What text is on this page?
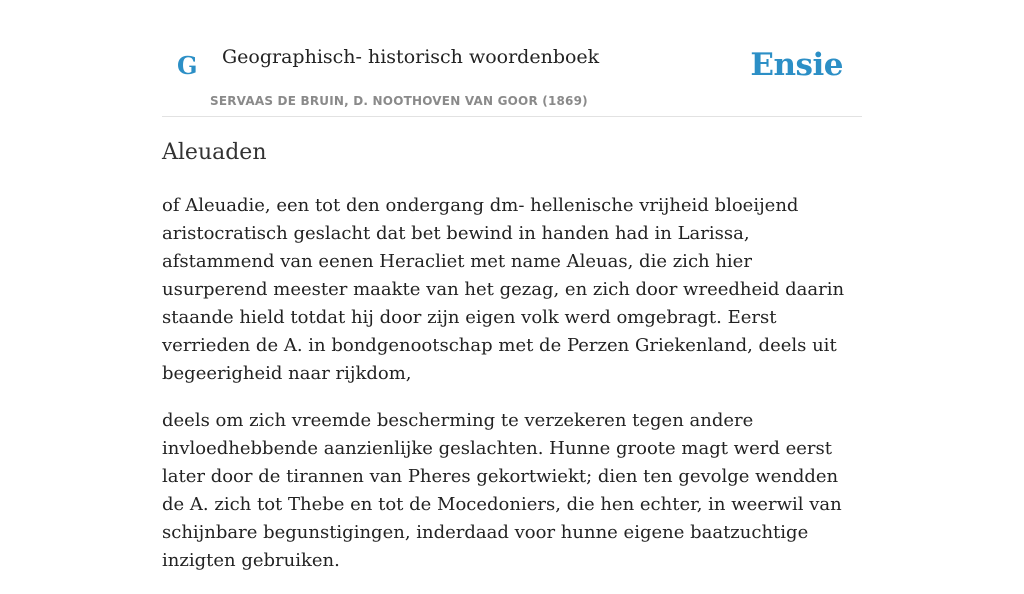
G Geographisch- historisch woordenboek
SERVAAS DE BRUIN, D. NOOTHOVEN VAN GOOR (1869)
Ensie
Aleuaden

of Aleuadie, een tot den ondergang dm- hellenische vrijheid bloeijend aristocratisch geslacht dat bet bewind in handen had in Larissa, afstammend van eenen Heracliet met name Aleuas, die zich hier usurperend meester maakte van het gezag, en zich door wreedheid daarin staande hield totdat hij door zijn eigen volk werd omgebragt. Eerst verrieden de A. in bondgenootschap met de Perzen Griekenland, deels uit begeerigheid naar rijkdom,

deels om zich vreemde bescherming te verzekeren tegen andere invloedhebbende aanzienlijke geslachten. Hunne groote magt werd eerst later door de tirannen van Pheres gekortwiekt; dien ten gevolge wendden de A. zich tot Thebe en tot de Mocedoniers, die hen echter, in weerwil van schijnbare begunstigingen, inderdaad voor hunne eigene baatzuchtige inzigten gebruiken.
